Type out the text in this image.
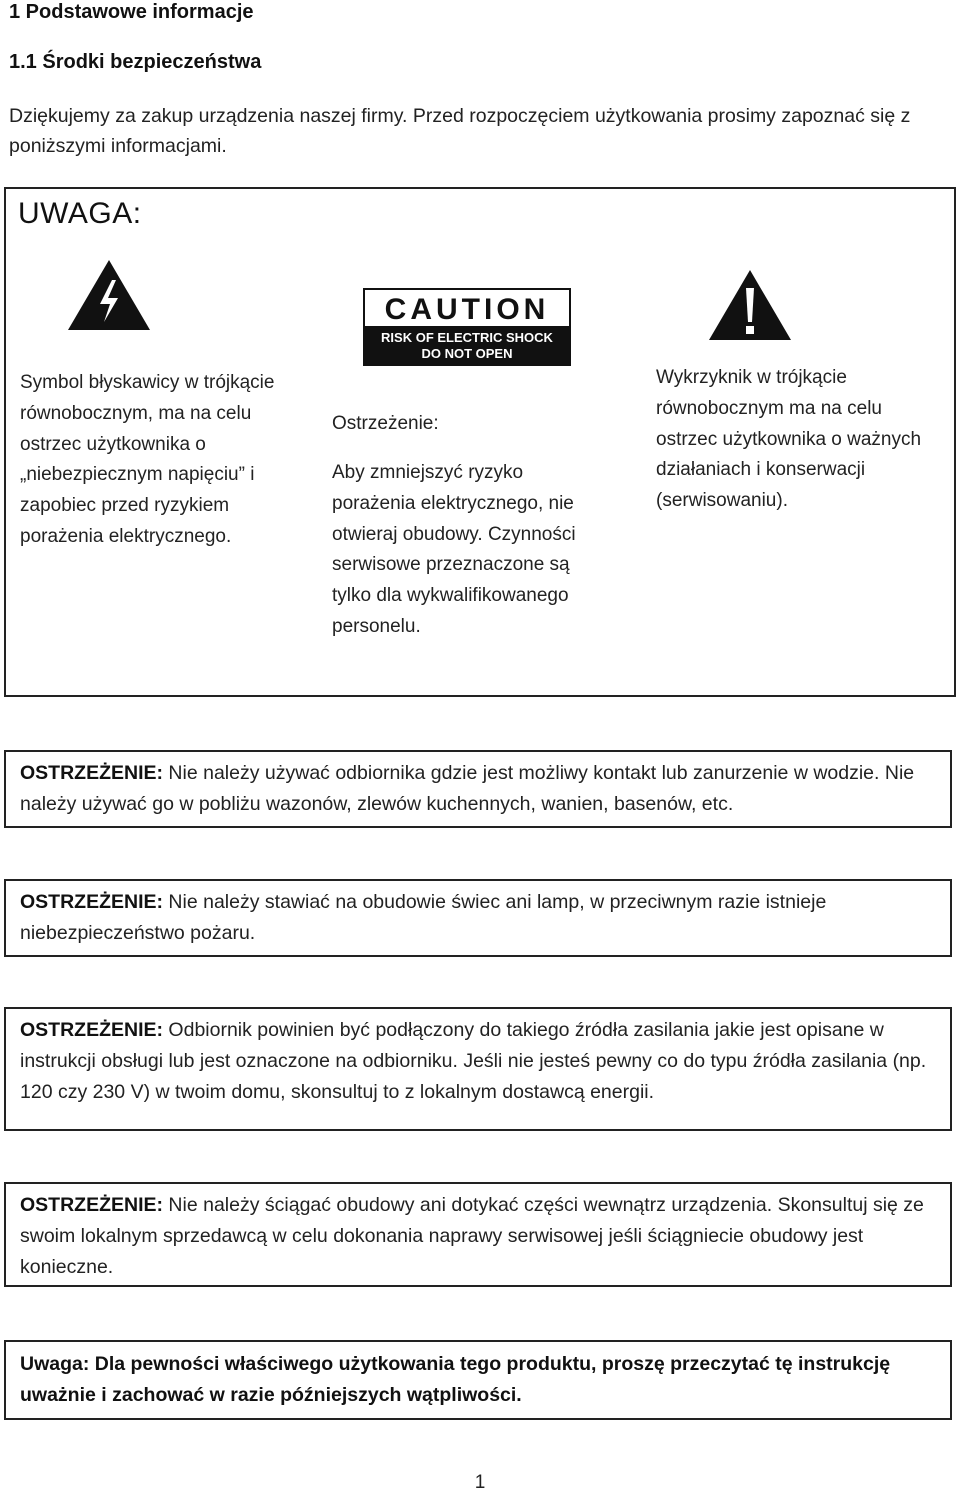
1 Podstawowe informacje
1.1 Środki bezpieczeństwa
Dziękujemy za zakup urządzenia naszej firmy. Przed rozpoczęciem użytkowania prosimy zapoznać się z poniższymi informacjami.
UWAGA:
Symbol błyskawicy w trójkącie równobocznym, ma na celu ostrzec użytkownika o „niebezpiecznym napięciu” i zapobiec przed ryzykiem porażenia elektrycznego.
CAUTION
RISK OF ELECTRIC SHOCK
DO NOT OPEN
Ostrzeżenie:
Aby zmniejszyć ryzyko porażenia elektrycznego, nie otwieraj obudowy. Czynności serwisowe przeznaczone są tylko dla wykwalifikowanego personelu.
Wykrzyknik w trójkącie równobocznym ma na celu ostrzec użytkownika o ważnych działaniach i konserwacji (serwisowaniu).
OSTRZEŻENIE: Nie należy używać odbiornika gdzie jest możliwy kontakt lub zanurzenie w wodzie. Nie należy używać go w pobliżu wazonów, zlewów kuchennych, wanien, basenów, etc.
OSTRZEŻENIE: Nie należy stawiać na obudowie świec ani lamp, w przeciwnym razie istnieje niebezpieczeństwo pożaru.
OSTRZEŻENIE: Odbiornik powinien być podłączony do takiego źródła zasilania jakie jest opisane w instrukcji obsługi lub jest oznaczone na odbiorniku. Jeśli nie jesteś pewny co do typu źródła zasilania (np. 120 czy 230 V) w twoim domu, skonsultuj to z lokalnym dostawcą energii.
OSTRZEŻENIE: Nie należy ściągać obudowy ani dotykać części wewnątrz urządzenia. Skonsultuj się ze swoim lokalnym sprzedawcą w celu dokonania naprawy serwisowej jeśli ściągniecie obudowy jest konieczne.
Uwaga: Dla pewności właściwego użytkowania tego produktu, proszę przeczytać tę instrukcję uważnie i zachować w razie późniejszych wątpliwości.
1
